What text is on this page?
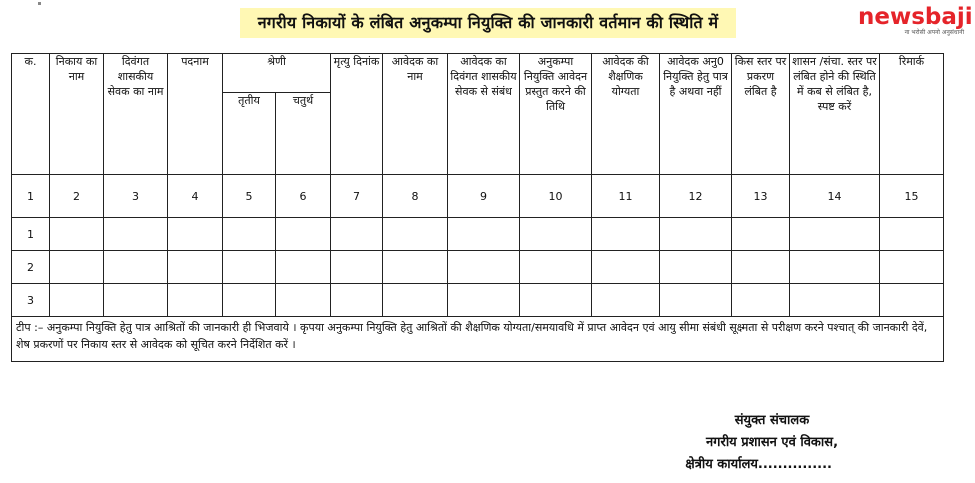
नगरीय निकायों के लंबित अनुकम्पा नियुक्ति की जानकारी वर्तमान की स्थिति में	newsbaji
ना भरोसी अपनो अनुसंधानी
क.	निकाय का नाम	दिवंगत शासकीय सेवक का नाम	पदनाम	श्रेणी		मृत्यु दिनांक	आवेदक का नाम	आवेदक का दिवंगत शासकीय सेवक से संबंध	अनुकम्पा नियुक्ति आवेदन प्रस्तुत करने की तिथि	आवेदक की शैक्षणिक योग्यता	आवेदक अनु0 नियुक्ति हेतु पात्र है अथवा नहीं	किस स्तर पर प्रकरण लंबित है	शासन /संचा. स्तर पर लंबित होने की स्थिति में कब से लंबित है, स्पष्ट करें	रिमार्क
				तृतीय	चतुर्थ									
1	2	3	4	5	6	7	8	9	10	11	12	13	14	15
1														
2														
3														
टीप :– अनुकम्पा नियुक्ति हेतु पात्र आश्रितों की जानकारी ही भिजवाये । कृपया अनुकम्पा नियुक्ति हेतु आश्रितों की शैक्षणिक योग्यता/समयावधि में प्राप्त आवेदन एवं आयु सीमा संबंधी सूक्ष्मता से परीक्षण करने पश्चात् की जानकारी देवें, शेष प्रकरणों पर निकाय स्तर से आवेदक को सूचित करने निर्देशित करें ।														
संयुक्त संचालक
नगरीय प्रशासन एवं विकास,
क्षेत्रीय कार्यालय...............
